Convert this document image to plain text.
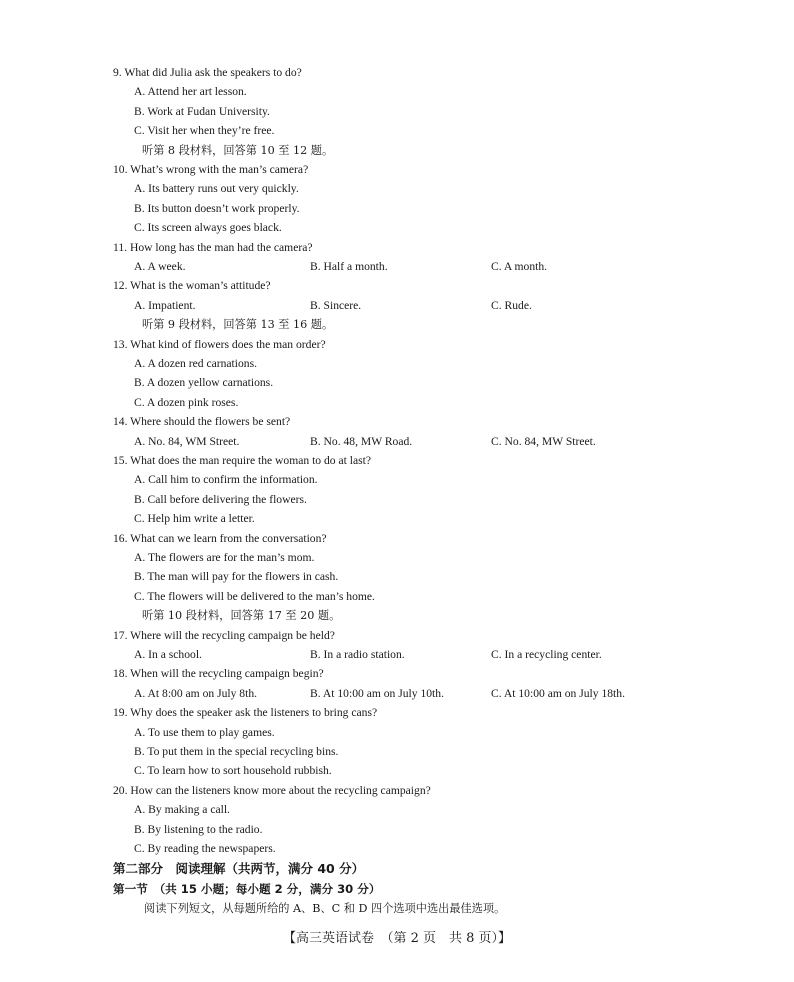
9. What did Julia ask the speakers to do?
A. Attend her art lesson.
B. Work at Fudan University.
C. Visit her when they’re free.
听第 8 段材料，回答第 10 至 12 题。
10. What’s wrong with the man’s camera?
A. Its battery runs out very quickly.
B. Its button doesn’t work properly.
C. Its screen always goes black.
11. How long has the man had the camera?
A. A week.	B. Half a month.	C. A month.
12. What is the woman’s attitude?
A. Impatient.	B. Sincere.	C. Rude.
听第 9 段材料，回答第 13 至 16 题。
13. What kind of flowers does the man order?
A. A dozen red carnations.
B. A dozen yellow carnations.
C. A dozen pink roses.
14. Where should the flowers be sent?
A. No. 84, WM Street.	B. No. 48, MW Road.	C. No. 84, MW Street.
15. What does the man require the woman to do at last?
A. Call him to confirm the information.
B. Call before delivering the flowers.
C. Help him write a letter.
16. What can we learn from the conversation?
A. The flowers are for the man’s mom.
B. The man will pay for the flowers in cash.
C. The flowers will be delivered to the man’s home.
听第 10 段材料，回答第 17 至 20 题。
17. Where will the recycling campaign be held?
A. In a school.	B. In a radio station.	C. In a recycling center.
18. When will the recycling campaign begin?
A. At 8:00 am on July 8th.	B. At 10:00 am on July 10th.	C. At 10:00 am on July 18th.
19. Why does the speaker ask the listeners to bring cans?
A. To use them to play games.
B. To put them in the special recycling bins.
C. To learn how to sort household rubbish.
20. How can the listeners know more about the recycling campaign?
A. By making a call.
B. By listening to the radio.
C. By reading the newspapers.
第二部分　阅读理解（共两节，满分 40 分）
第一节　（共 15 小题；每小题 2 分，满分 30 分）
阅读下列短文，从每题所给的 A、B、C 和 D 四个选项中选出最佳选项。
【高三英语试卷　（第 2 页　共 8 页）】
